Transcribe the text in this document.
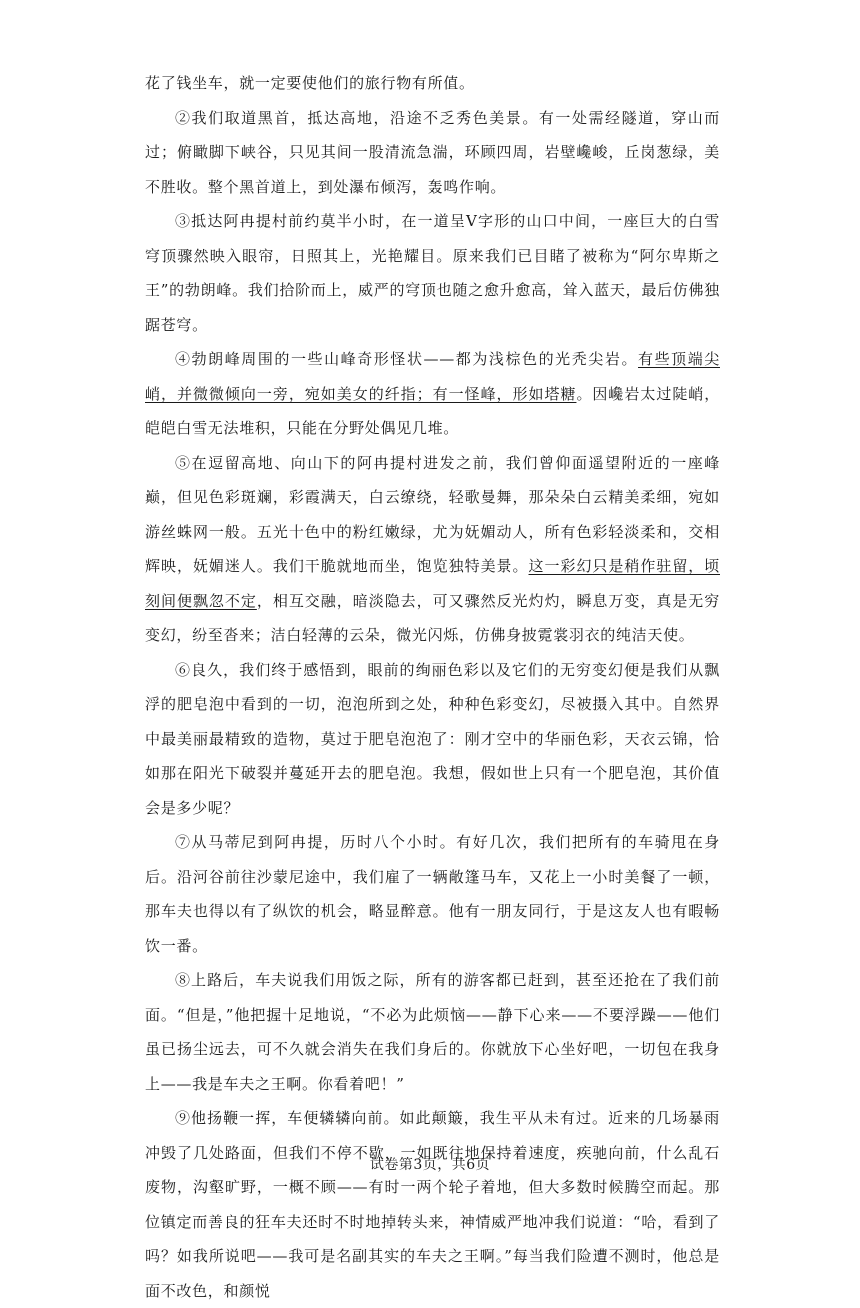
花了钱坐车，就一定要使他们的旅行物有所值。

②我们取道黑首，抵达高地，沿途不乏秀色美景。有一处需经隧道，穿山而过；俯瞰脚下峡谷，只见其间一股清流急湍，环顾四周，岩壁巉峻，丘岗葱绿，美不胜收。整个黑首道上，到处瀑布倾泻，轰鸣作响。

③抵达阿冉提村前约莫半小时，在一道呈Ⅴ字形的山口中间，一座巨大的白雪穹顶骤然映入眼帘，日照其上，光艳耀目。原来我们已目睹了被称为“阿尔卑斯之王”的勃朗峰。我们拾阶而上，威严的穹顶也随之愈升愈高，耸入蓝天，最后仿佛独踞苍穹。

④勃朗峰周围的一些山峰奇形怪状——都为浅棕色的光秃尖岩。有些顶端尖峭，并微微倾向一旁，宛如美女的纤指；有一怪峰，形如塔糖。因巉岩太过陡峭，皑皑白雪无法堆积，只能在分野处偶见几堆。

⑤在逗留高地、向山下的阿冉提村进发之前，我们曾仰面遥望附近的一座峰巅，但见色彩斑斓，彩霞满天，白云缭绕，轻歌曼舞，那朵朵白云精美柔细，宛如游丝蛛网一般。五光十色中的粉红嫩绿，尤为妩媚动人，所有色彩轻淡柔和，交相辉映，妩媚迷人。我们干脆就地而坐，饱览独特美景。这一彩幻只是稍作驻留，顷刻间便飘忽不定，相互交融，暗淡隐去，可又骤然反光灼灼，瞬息万变，真是无穷变幻，纷至沓来；洁白轻薄的云朵，微光闪烁，仿佛身披霓裳羽衣的纯洁天使。

⑥良久，我们终于感悟到，眼前的绚丽色彩以及它们的无穷变幻便是我们从飘浮的肥皂泡中看到的一切，泡泡所到之处，种种色彩变幻，尽被摄入其中。自然界中最美丽最精致的造物，莫过于肥皂泡泡了：刚才空中的华丽色彩，天衣云锦，恰如那在阳光下破裂并蔓延开去的肥皂泡。我想，假如世上只有一个肥皂泡，其价值会是多少呢？

⑦从马蒂尼到阿冉提，历时八个小时。有好几次，我们把所有的车骑甩在身后。沿河谷前往沙蒙尼途中，我们雇了一辆敞篷马车，又花上一小时美餐了一顿，那车夫也得以有了纵饮的机会，略显醉意。他有一朋友同行，于是这友人也有暇畅饮一番。

⑧上路后，车夫说我们用饭之际，所有的游客都已赶到，甚至还抢在了我们前面。“但是，”他把握十足地说，“不必为此烦恼——静下心来——不要浮躁——他们虽已扬尘远去，可不久就会消失在我们身后的。你就放下心坐好吧，一切包在我身上——我是车夫之王啊。你看着吧！”

⑨他扬鞭一挥，车便辚辚向前。如此颠簸，我生平从未有过。近来的几场暴雨冲毁了几处路面，但我们不停不歇，一如既往地保持着速度，疾驰向前，什么乱石废物，沟壑旷野，一概不顾——有时一两个轮子着地，但大多数时候腾空而起。那位镇定而善良的狂车夫还时不时地掉转头来，神情威严地冲我们说道：“哈，看到了吗？如我所说吧——我可是名副其实的车夫之王啊。”每当我们险遭不测时，他总是面不改色，和颜悦

试卷第3页，共6页
